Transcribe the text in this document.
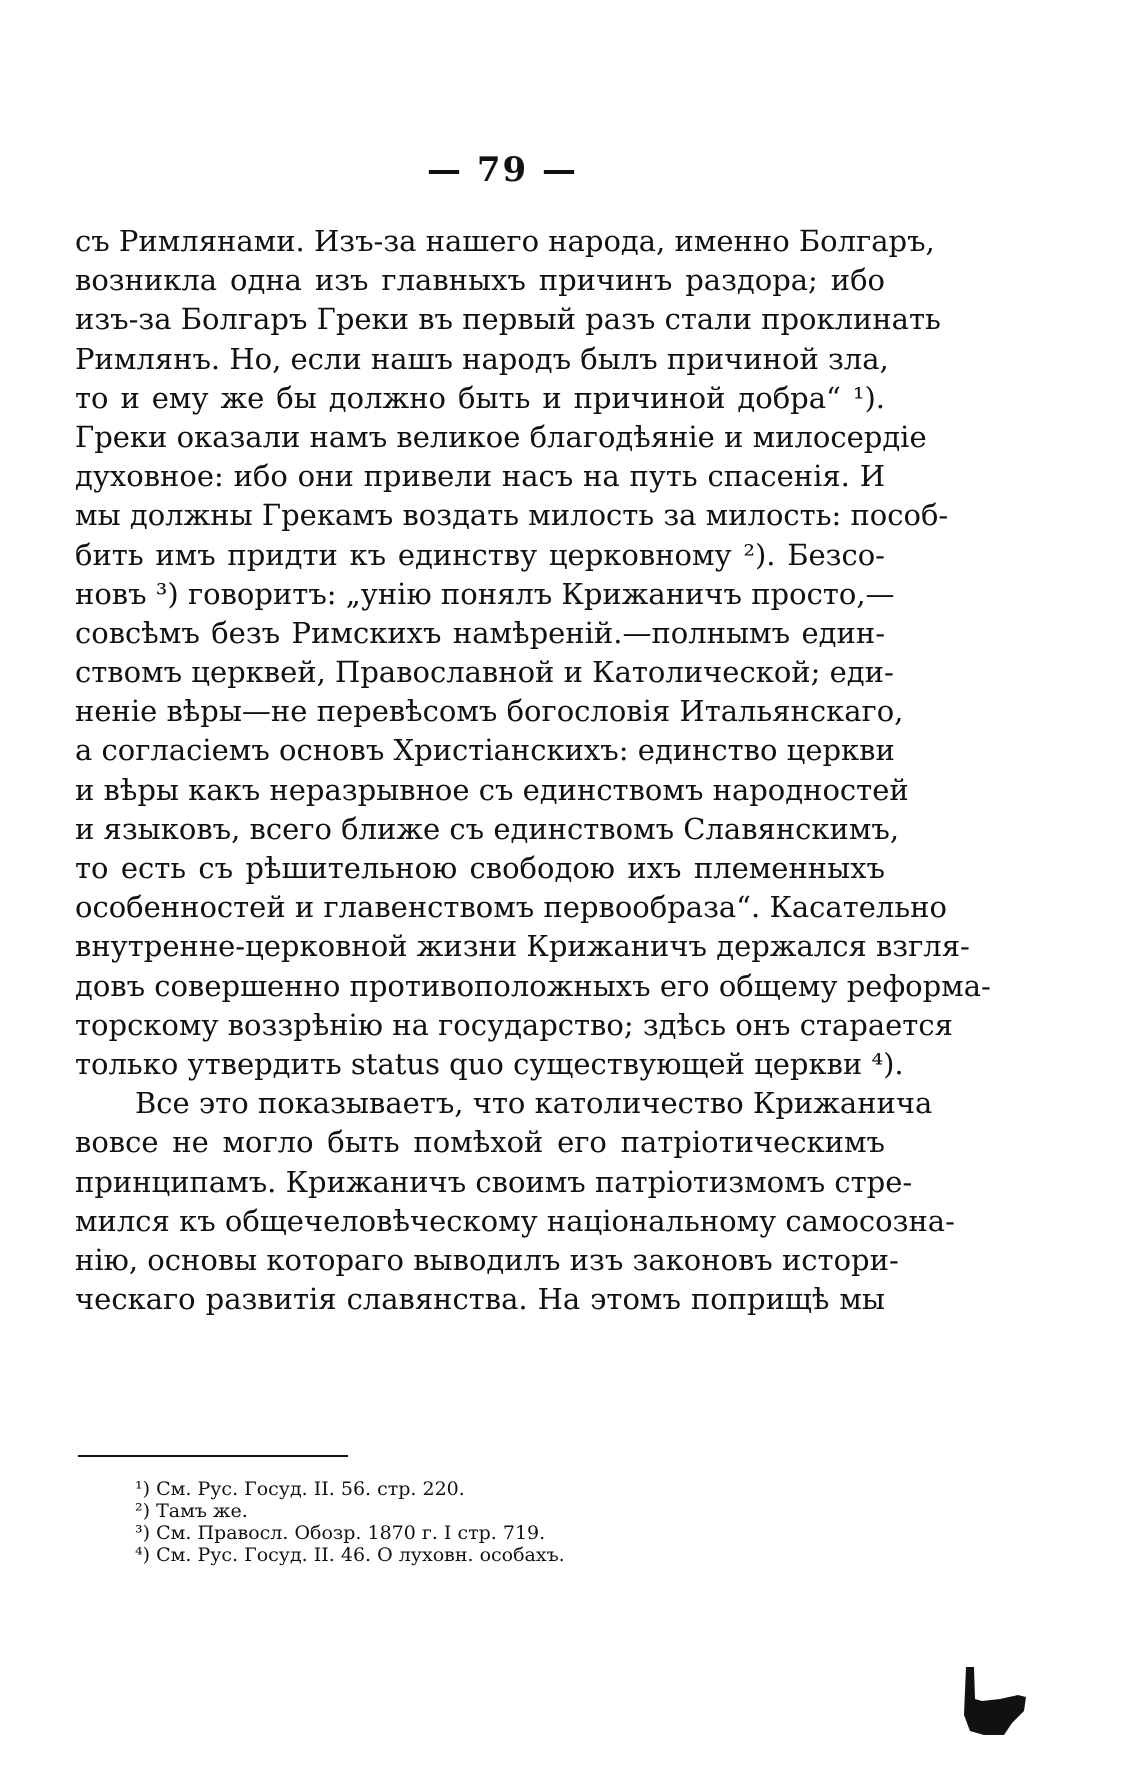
— 79 —
съ Римлянами. Изъ-за нашего народа, именно Болгаръ,
возникла одна изъ главныхъ причинъ раздора; ибо
изъ-за Болгаръ Греки въ первый разъ стали проклинать
Римлянъ. Но, если нашъ народъ былъ причиной зла,
то и ему же бы должно быть и причиной добра“ ¹).
Греки оказали намъ великое благодѣяніе и милосердіе
духовное: ибо они привели насъ на путь спасенія. И
мы должны Грекамъ воздать милость за милость: пособ-
бить имъ придти къ единству церковному ²). Безсо-
новъ ³) говоритъ: „унію понялъ Крижаничъ просто,—
совсѣмъ безъ Римскихъ намѣреній.—полнымъ един-
ствомъ церквей, Православной и Католической; еди-
неніе вѣры—не перевѣсомъ богословія Итальянскаго,
а согласіемъ основъ Христіанскихъ: единство церкви
и вѣры какъ неразрывное съ единствомъ народностей
и языковъ, всего ближе съ единствомъ Славянскимъ,
то есть съ рѣшительною свободою ихъ племенныхъ
особенностей и главенствомъ первообраза“. Касательно
внутренне-церковной жизни Крижаничъ держался взгля-
довъ совершенно противоположныхъ его общему реформа-
торскому воззрѣнію на государство; здѣсь онъ старается
только утвердить status quo существующей церкви ⁴).
Все это показываетъ, что католичество Крижанича
вовсе не могло быть помѣхой его патріотическимъ
принципамъ. Крижаничъ своимъ патріотизмомъ стре-
мился къ общечеловѣческому національному самосозна-
нію, основы котораго выводилъ изъ законовъ истори-
ческаго развитія славянства. На этомъ поприщѣ мы
¹) См. Рус. Госуд. II. 56. стр. 220.
²) Тамъ же.
³) См. Правосл. Обозр. 1870 г. I стр. 719.
⁴) См. Рус. Госуд. II. 46. О луховн. особахъ.
